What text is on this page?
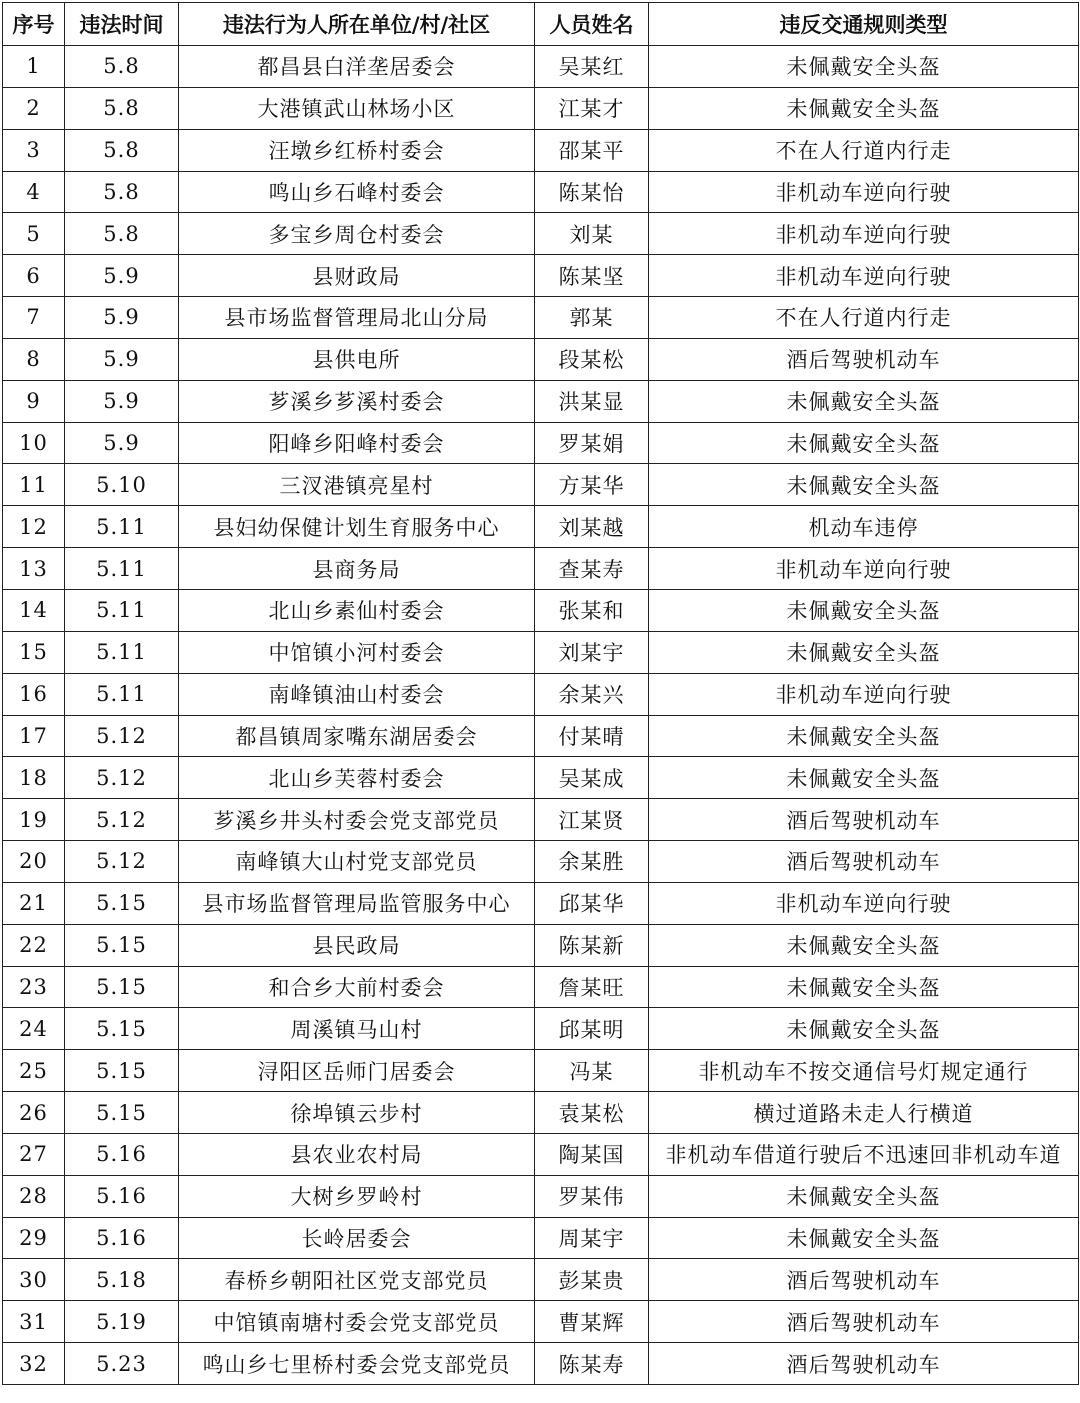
序号	违法时间	违法行为人所在单位/村/社区	人员姓名	违反交通规则类型
1	5.8	都昌县白洋垄居委会	吴某红	未佩戴安全头盔
2	5.8	大港镇武山林场小区	江某才	未佩戴安全头盔
3	5.8	汪墩乡红桥村委会	邵某平	不在人行道内行走
4	5.8	鸣山乡石峰村委会	陈某怡	非机动车逆向行驶
5	5.8	多宝乡周仓村委会	刘某	非机动车逆向行驶
6	5.9	县财政局	陈某坚	非机动车逆向行驶
7	5.9	县市场监督管理局北山分局	郭某	不在人行道内行走
8	5.9	县供电所	段某松	酒后驾驶机动车
9	5.9	芗溪乡芗溪村委会	洪某显	未佩戴安全头盔
10	5.9	阳峰乡阳峰村委会	罗某娟	未佩戴安全头盔
11	5.10	三汊港镇亮星村	方某华	未佩戴安全头盔
12	5.11	县妇幼保健计划生育服务中心	刘某越	机动车违停
13	5.11	县商务局	查某寿	非机动车逆向行驶
14	5.11	北山乡素仙村委会	张某和	未佩戴安全头盔
15	5.11	中馆镇小河村委会	刘某宇	未佩戴安全头盔
16	5.11	南峰镇油山村委会	余某兴	非机动车逆向行驶
17	5.12	都昌镇周家嘴东湖居委会	付某晴	未佩戴安全头盔
18	5.12	北山乡芙蓉村委会	吴某成	未佩戴安全头盔
19	5.12	芗溪乡井头村委会党支部党员	江某贤	酒后驾驶机动车
20	5.12	南峰镇大山村党支部党员	余某胜	酒后驾驶机动车
21	5.15	县市场监督管理局监管服务中心	邱某华	非机动车逆向行驶
22	5.15	县民政局	陈某新	未佩戴安全头盔
23	5.15	和合乡大前村委会	詹某旺	未佩戴安全头盔
24	5.15	周溪镇马山村	邱某明	未佩戴安全头盔
25	5.15	浔阳区岳师门居委会	冯某	非机动车不按交通信号灯规定通行
26	5.15	徐埠镇云步村	袁某松	横过道路未走人行横道
27	5.16	县农业农村局	陶某国	非机动车借道行驶后不迅速回非机动车道
28	5.16	大树乡罗岭村	罗某伟	未佩戴安全头盔
29	5.16	长岭居委会	周某宇	未佩戴安全头盔
30	5.18	春桥乡朝阳社区党支部党员	彭某贵	酒后驾驶机动车
31	5.19	中馆镇南塘村委会党支部党员	曹某辉	酒后驾驶机动车
32	5.23	鸣山乡七里桥村委会党支部党员	陈某寿	酒后驾驶机动车
